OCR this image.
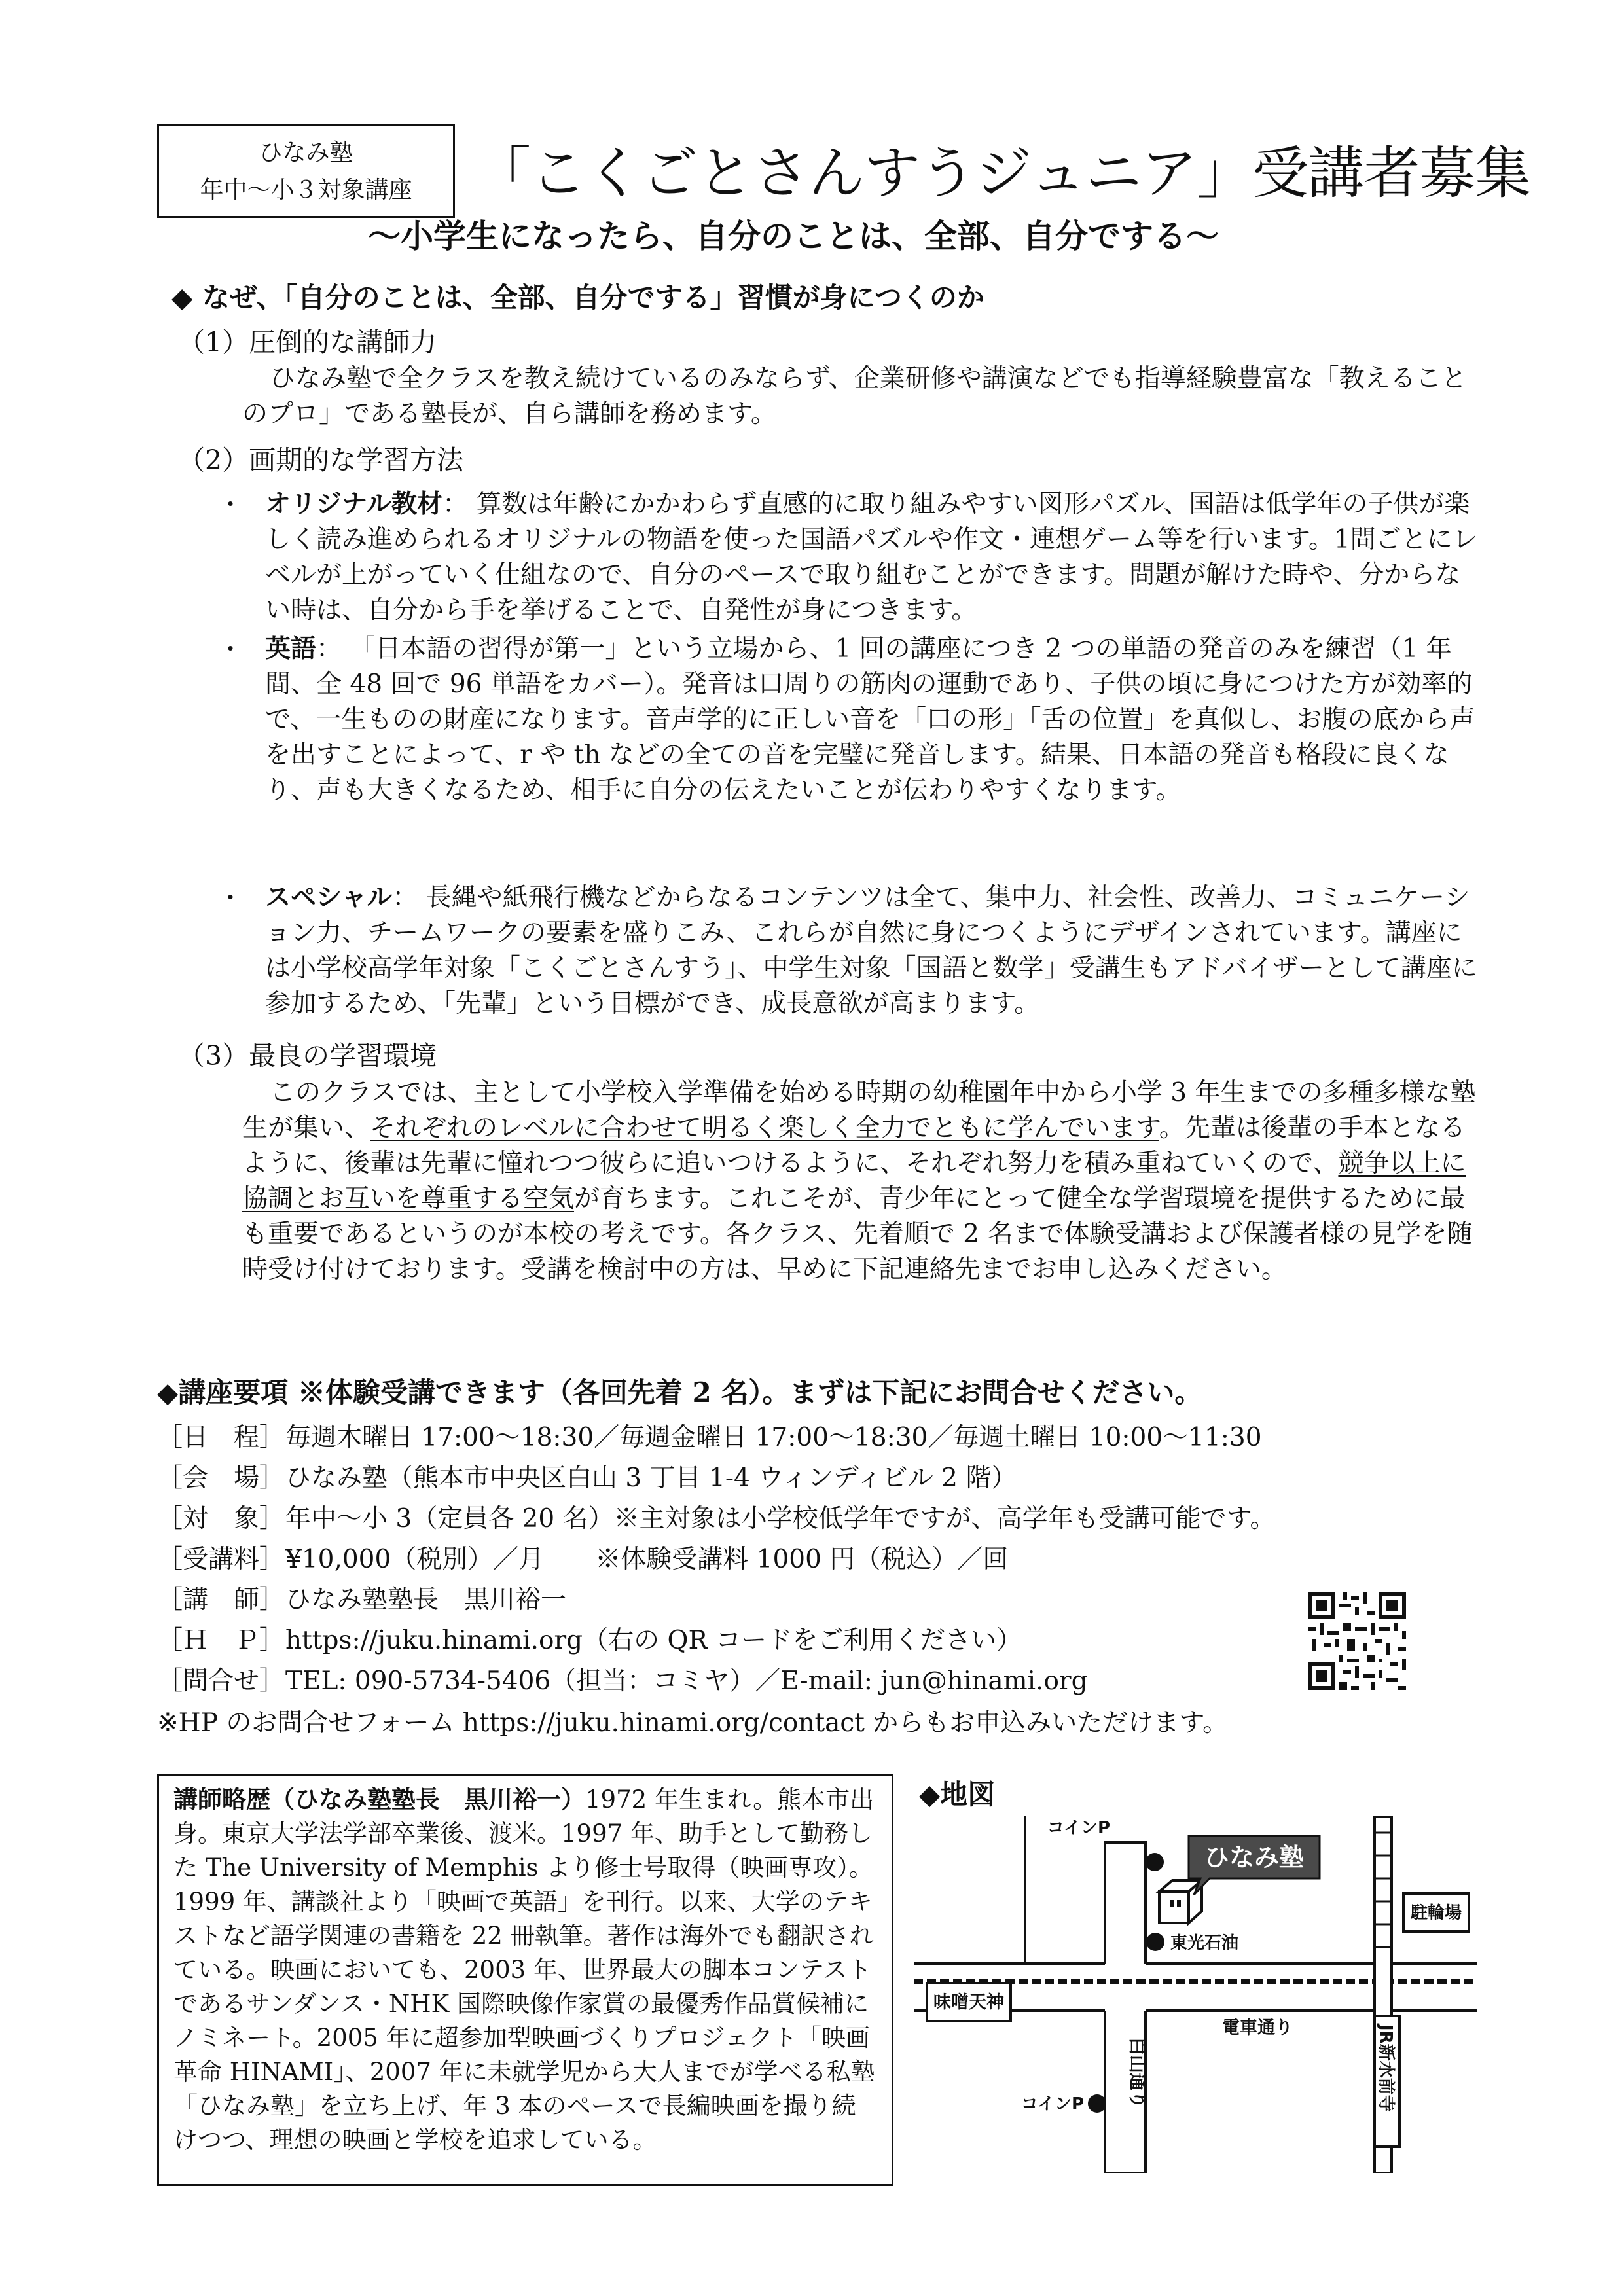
ひなみ塾
年中～小３対象講座	「こくごとさんすうジュニア」受講者募集
～小学生になったら、自分のことは、全部、自分でする～
◆ なぜ、「自分のことは、全部、自分でする」習慣が身につくのか
（1）圧倒的な講師力
ひなみ塾で全クラスを教え続けているのみならず、企業研修や講演などでも指導経験豊富な「教えることのプロ」である塾長が、自ら講師を務めます。
（2）画期的な学習方法
・ オリジナル教材： 算数は年齢にかかわらず直感的に取り組みやすい図形パズル、国語は低学年の子供が楽しく読み進められるオリジナルの物語を使った国語パズルや作文・連想ゲーム等を行います。1問ごとにレベルが上がっていく仕組なので、自分のペースで取り組むことができます。問題が解けた時や、分からない時は、自分から手を挙げることで、自発性が身につきます。
・ 英語： 「日本語の習得が第一」という立場から、1 回の講座につき 2 つの単語の発音のみを練習（1 年間、全 48 回で 96 単語をカバー）。発音は口周りの筋肉の運動であり、子供の頃に身につけた方が効率的で、一生ものの財産になります。音声学的に正しい音を「口の形」「舌の位置」を真似し、お腹の底から声を出すことによって、r や th などの全ての音を完璧に発音します。結果、日本語の発音も格段に良くなり、声も大きくなるため、相手に自分の伝えたいことが伝わりやすくなります。
・ スペシャル： 長縄や紙飛行機などからなるコンテンツは全て、集中力、社会性、改善力、コミュニケーション力、チームワークの要素を盛りこみ、これらが自然に身につくようにデザインされています。講座には小学校高学年対象「こくごとさんすう」、中学生対象「国語と数学」受講生もアドバイザーとして講座に参加するため、「先輩」という目標ができ、成長意欲が高まります。
（3）最良の学習環境
このクラスでは、主として小学校入学準備を始める時期の幼稚園年中から小学 3 年生までの多種多様な塾生が集い、それぞれのレベルに合わせて明るく楽しく全力でともに学んでいます。先輩は後輩の手本となるように、後輩は先輩に憧れつつ彼らに追いつけるように、それぞれ努力を積み重ねていくので、競争以上に協調とお互いを尊重する空気が育ちます。これこそが、青少年にとって健全な学習環境を提供するために最も重要であるというのが本校の考えです。各クラス、先着順で 2 名まで体験受講および保護者様の見学を随時受け付けております。受講を検討中の方は、早めに下記連絡先までお申し込みください。
◆講座要項 ※体験受講できます（各回先着 2 名）。まずは下記にお問合せください。
［日　程］毎週木曜日 17:00～18:30／毎週金曜日 17:00～18:30／毎週土曜日 10:00～11:30
［会　場］ひなみ塾（熊本市中央区白山 3 丁目 1-4 ウィンディビル 2 階）
［対　象］年中～小 3（定員各 20 名）※主対象は小学校低学年ですが、高学年も受講可能です。
［受講料］¥10,000（税別）／月　　※体験受講料 1000 円（税込）／回
［講　師］ひなみ塾塾長　黒川裕一
［Ｈ　Ｐ］https://juku.hinami.org（右の QR コードをご利用ください）
［問合せ］TEL: 090-5734-5406（担当：コミヤ）／E-mail: jun@hinami.org
※HP のお問合せフォーム https://juku.hinami.org/contact からもお申込みいただけます。
講師略歴（ひなみ塾塾長　黒川裕一）1972 年生まれ。熊本市出身。東京大学法学部卒業後、渡米。1997 年、助手として勤務した The University of Memphis より修士号取得（映画専攻）。1999 年、講談社より「映画で英語」を刊行。以来、大学のテキストなど語学関連の書籍を 22 冊執筆。著作は海外でも翻訳されている。映画においても、2003 年、世界最大の脚本コンテストであるサンダンス・NHK 国際映像作家賞の最優秀作品賞候補にノミネート。2005 年に超参加型映画づくりプロジェクト「映画革命 HINAMI」、2007 年に未就学児から大人までが学べる私塾「ひなみ塾」を立ち上げ、年 3 本のペースで長編映画を撮り続けつつ、理想の映画と学校を追求している。
◆地図
ひなみ塾
コインP
東光石油
駐輪場
味噌天神
電車通り
白山通り	JR新水前寺
コインP
